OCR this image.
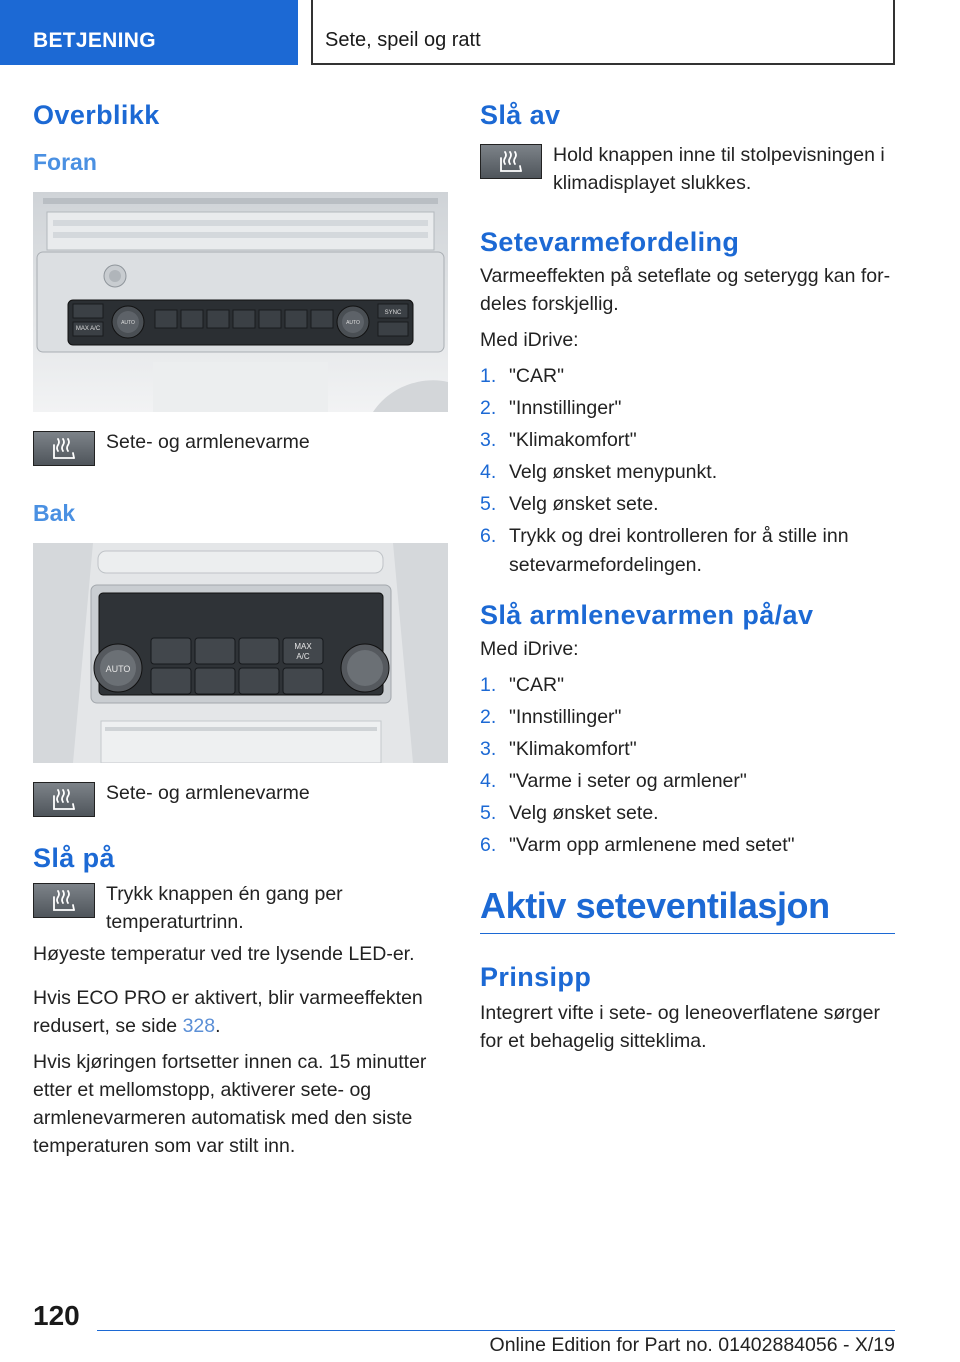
BETJENING	Sete, speil og ratt
Overblikk
Foran
MAX A/C
SYNC
AUTO	AUTO
Sete- og armlenevarme
Bak
AUTO
MAX
A/C
Sete- og armlenevarme
Slå på
Trykk knappen én gang per temperaturtrinn.

Høyeste temperatur ved tre lysende LED-er.

Hvis ECO PRO er aktivert, blir varmeeffekten redusert, se side 328.

Hvis kjøringen fortsetter innen ca. 15 minutter etter et mellomstopp, aktiverer sete- og armlenevarmeren automatisk med den siste temperaturen som var stilt inn.

Slå av
Hold knappen inne til stolpevisningen i klimadisplayet slukkes.
Setevarmefordeling

Varmeeffekten på seteflate og seterygg kan fordeles forskjellig.

Med iDrive:

1. "CAR"
2. "Innstillinger"
3. "Klimakomfort"
4. Velg ønsket menypunkt.
5. Velg ønsket sete.
6. Trykk og drei kontrolleren for å stille inn setevarmefordelingen.
Slå armlenevarmen på/av

Med iDrive:

1. "CAR"
2. "Innstillinger"
3. "Klimakomfort"
4. "Varme i seter og armlener"
5. Velg ønsket sete.
6. "Varm opp armlenene med setet"
Aktiv seteventilasjon
Prinsipp

Integrert vifte i sete- og leneoverflatene sørger for et behagelig sitteklima.

120
Online Edition for Part no. 01402884056 - X/19
